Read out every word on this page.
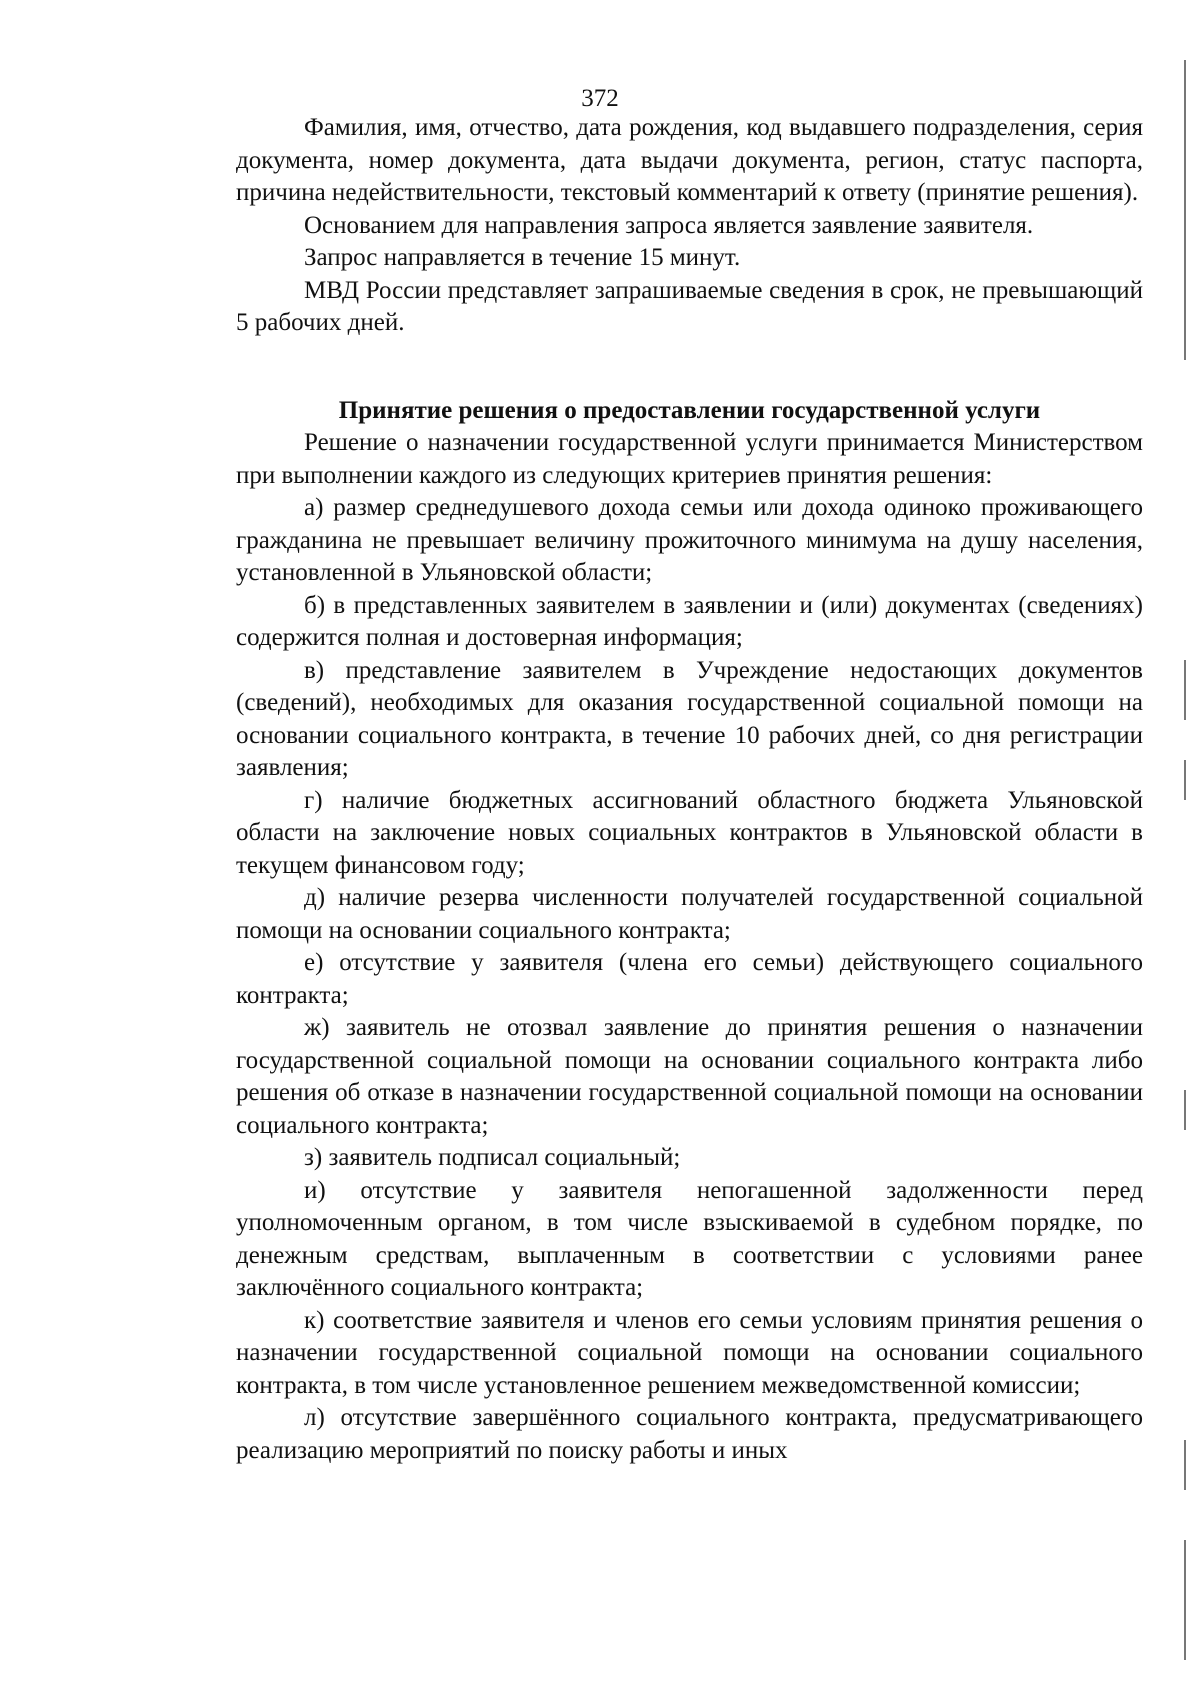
372

Фамилия, имя, отчество, дата рождения, код выдавшего подразделения, серия документа, номер документа, дата выдачи документа, регион, статус паспорта, причина недействительности, текстовый комментарий к ответу (принятие решения).

Основанием для направления запроса является заявление заявителя.

Запрос направляется в течение 15 минут.

МВД России представляет запрашиваемые сведения в срок, не превышающий 5 рабочих дней.

Принятие решения о предоставлении государственной услуги

Решение о назначении государственной услуги принимается Министерством при выполнении каждого из следующих критериев принятия решения:

а) размер среднедушевого дохода семьи или дохода одиноко проживающего гражданина не превышает величину прожиточного минимума на душу населения, установленной в Ульяновской области;

б) в представленных заявителем в заявлении и (или) документах (сведениях) содержится полная и достоверная информация;

в) представление заявителем в Учреждение недостающих документов (сведений), необходимых для оказания государственной социальной помощи на основании социального контракта, в течение 10 рабочих дней, со дня регистрации заявления;

г) наличие бюджетных ассигнований областного бюджета Ульяновской области на заключение новых социальных контрактов в Ульяновской области в текущем финансовом году;

д) наличие резерва численности получателей государственной социальной помощи на основании социального контракта;

е) отсутствие у заявителя (члена его семьи) действующего социального контракта;

ж) заявитель не отозвал заявление до принятия решения о назначении государственной социальной помощи на основании социального контракта либо решения об отказе в назначении государственной социальной помощи на основании социального контракта;

з) заявитель подписал социальный;

и) отсутствие у заявителя непогашенной задолженности перед уполномоченным органом, в том числе взыскиваемой в судебном порядке, по денежным средствам, выплаченным в соответствии с условиями ранее заключённого социального контракта;

к) соответствие заявителя и членов его семьи условиям принятия решения о назначении государственной социальной помощи на основании социального контракта, в том числе установленное решением межведомственной комиссии;

л) отсутствие завершённого социального контракта, предусматривающего реализацию мероприятий по поиску работы и иных
